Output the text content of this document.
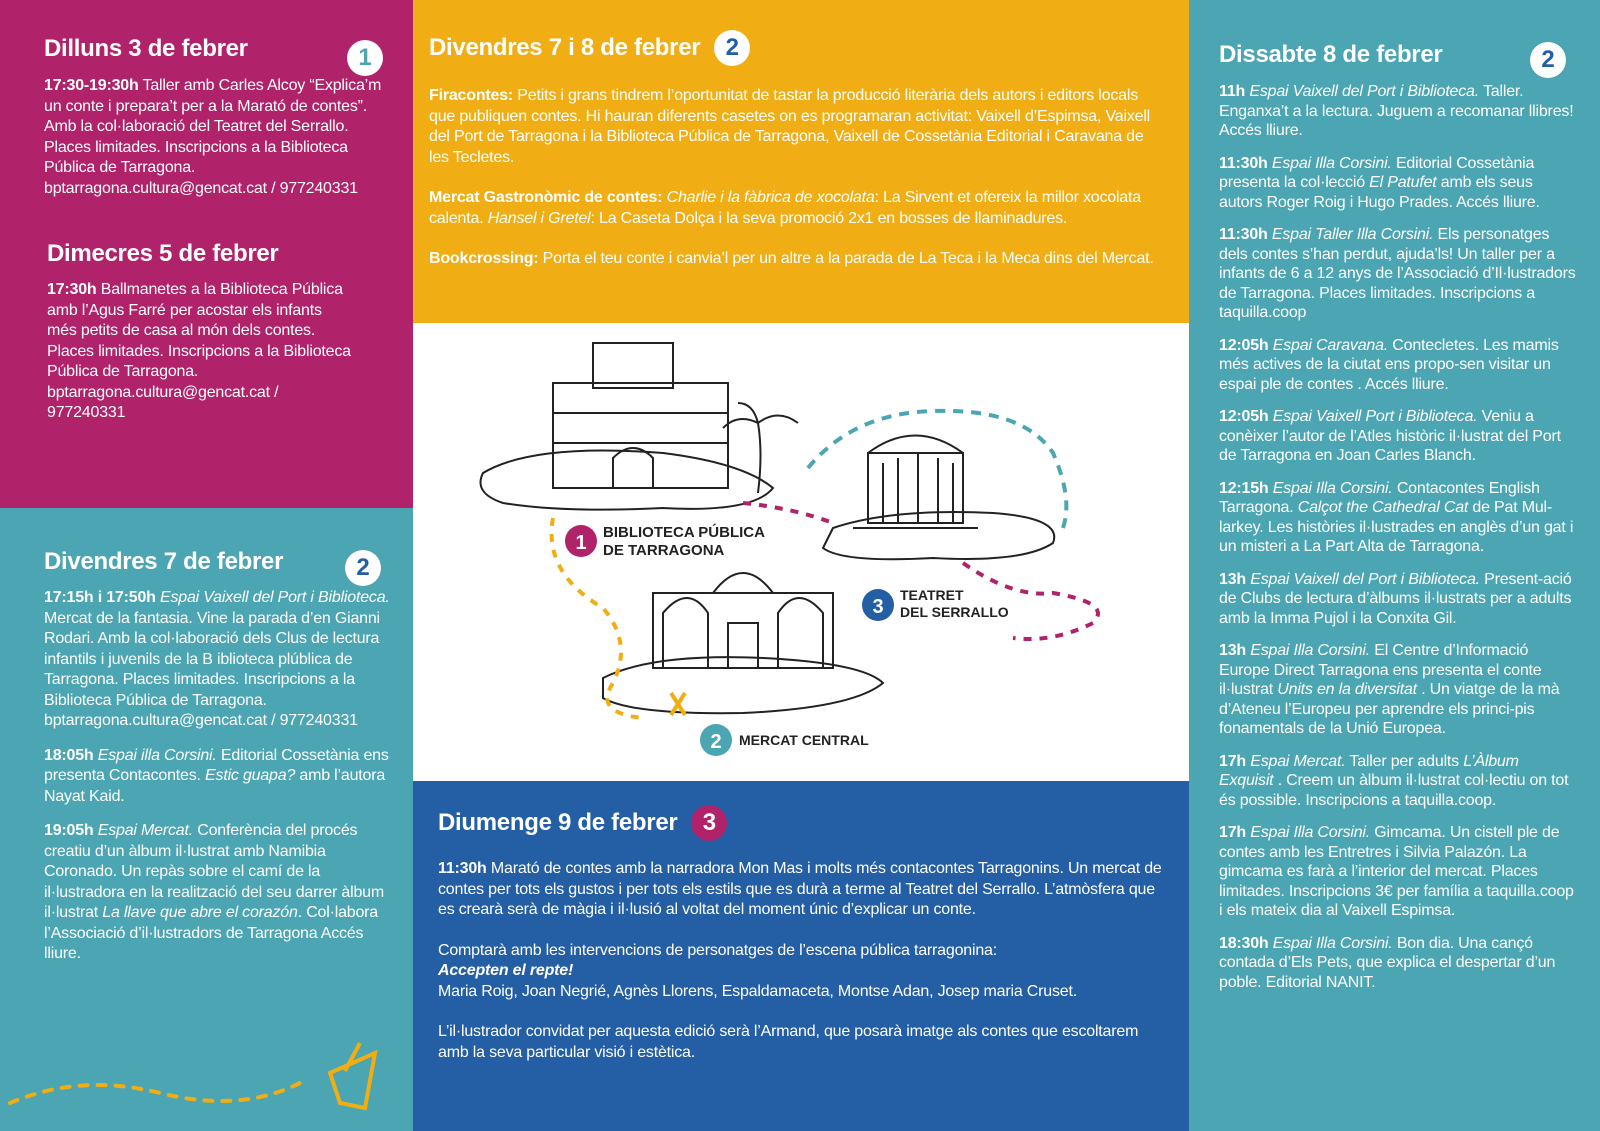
Dilluns 3 de febrer	1

17:30-19:30h Taller amb Carles Alcoy “Explica’m un conte i prepara’t per a la Marató de contes”. Amb la col·laboració del Teatret del Serrallo. Places limitades. Inscripcions a la Biblioteca Pública de Tarragona. bptarragona.cultura@gencat.cat / 977240331

Dimecres 5 de febrer

17:30h Ballmanetes a la Biblioteca Pública amb l’Agus Farré per acostar els infants més petits de casa al món dels contes.
Places limitades. Inscripcions a la Biblioteca Pública de Tarragona. bptarragona.cultura@gencat.cat / 977240331

Divendres 7 de febrer	2

17:15h i 17:50h Espai Vaixell del Port i Biblioteca. Mercat de la fantasia. Vine la parada d’en Gianni Rodari. Amb la col·laboració dels Clus de lectura infantils i juvenils de la B iblioteca plública de Tarragona. Places limitades. Inscripcions a la Biblioteca Pública de Tarragona. bptarragona.cultura@gencat.cat / 977240331

18:05h Espai illa Corsini. Editorial Cossetània ens presenta Contacontes. Estic guapa? amb l’autora Nayat Kaid.

19:05h Espai Mercat. Conferència del procés creatiu d’un àlbum il·lustrat amb Namibia Coronado. Un repàs sobre el camí de la il·lustradora en la realització del seu darrer àlbum il·lustrat La llave que abre el corazón. Col·labora l’Associació d’il·lustradors de Tarragona Accés lliure.

Divendres 7 i 8 de febrer	2

Firacontes: Petits i grans tindrem l’oportunitat de tastar la producció literària dels autors i editors locals que publiquen contes. Hi hauran diferents casetes on es programaran activitat: Vaixell d’Espimsa, Vaixell del Port de Tarragona i la Biblioteca Pública de Tarragona, Vaixell de Cossetània Editorial i Caravana de les Tecletes.

Mercat Gastronòmic de contes: Charlie i la fàbrica de xocolata: La Sirvent et ofereix la millor xocolata calenta. Hansel i Gretel: La Caseta Dolça i la seva promoció 2x1 en bosses de llaminadures.

Bookcrossing: Porta el teu conte i canvia’l per un altre a la parada de La Teca i la Meca dins del Mercat.

1 BIBLIOTECA PÚBLICA
DE TARRAGONA
3
TEATRET
DEL SERRALLO
2 MERCAT CENTRAL
Diumenge 9 de febrer	3

11:30h Marató de contes amb la narradora Mon Mas i molts més contacontes Tarragonins. Un mercat de contes per tots els gustos i per tots els estils que es durà a terme al Teatret del Serrallo. L’atmòsfera que es crearà serà de màgia i il·lusió al voltat del moment únic d’explicar un conte.

Comptarà amb les intervencions de personatges de l’escena pública tarragonina:
Accepten el repte!
Maria Roig, Joan Negrié, Agnès Llorens, Espaldamaceta, Montse Adan, Josep maria Cruset.

L’il·lustrador convidat per aquesta edició serà l’Armand, que posarà imatge als contes que escoltarem amb la seva particular visió i estètica.

Dissabte 8 de febrer	2

11h Espai Vaixell del Port i Biblioteca. Taller. Enganxa’t a la lectura. Juguem a recomanar llibres! Accés lliure.

11:30h Espai Illa Corsini. Editorial Cossetània presenta la col·lecció El Patufet amb els seus autors Roger Roig i Hugo Prades. Accés lliure.

11:30h Espai Taller Illa Corsini. Els personatges dels contes s’han perdut, ajuda’ls! Un taller per a infants de 6 a 12 anys de l’Associació d’Il·lustradors de Tarragona. Places limitades. Inscripcions a taquilla.coop

12:05h Espai Caravana. Contecletes. Les mamis més actives de la ciutat ens propo-sen visitar un espai ple de contes . Accés lliure.

12:05h Espai Vaixell Port i Biblioteca. Veniu a conèixer l’autor de l’Atles històric il·lustrat del Port de Tarragona en Joan Carles Blanch.

12:15h Espai Illa Corsini. Contacontes English Tarragona. Calçot the Cathedral Cat de Pat Mul-larkey. Les històries il·lustrades en anglès d’un gat i un misteri a La Part Alta de Tarragona.

13h Espai Vaixell del Port i Biblioteca. Present-ació de Clubs de lectura d’àlbums il·lustrats per a adults amb la Imma Pujol i la Conxita Gil.

13h Espai Illa Corsini. El Centre d’Informació Europe Direct Tarragona ens presenta el conte il·lustrat Units en la diversitat . Un viatge de la mà d’Ateneu l’Europeu per aprendre els princi-pis fonamentals de la Unió Europea.

17h Espai Mercat. Taller per adults L’Àlbum Exquisit . Creem un àlbum il·lustrat col·lectiu on tot és possible. Inscripcions a taquilla.coop.

17h Espai Illa Corsini. Gimcama. Un cistell ple de contes amb les Entretres i Silvia Palazón. La gimcama es farà a l’interior del mercat. Places limitades. Inscripcions 3€ per família a taquilla.coop i els mateix dia al Vaixell Espimsa.

18:30h Espai Illa Corsini. Bon dia. Una cançó contada d’Els Pets, que explica el despertar d’un poble. Editorial NANIT.
